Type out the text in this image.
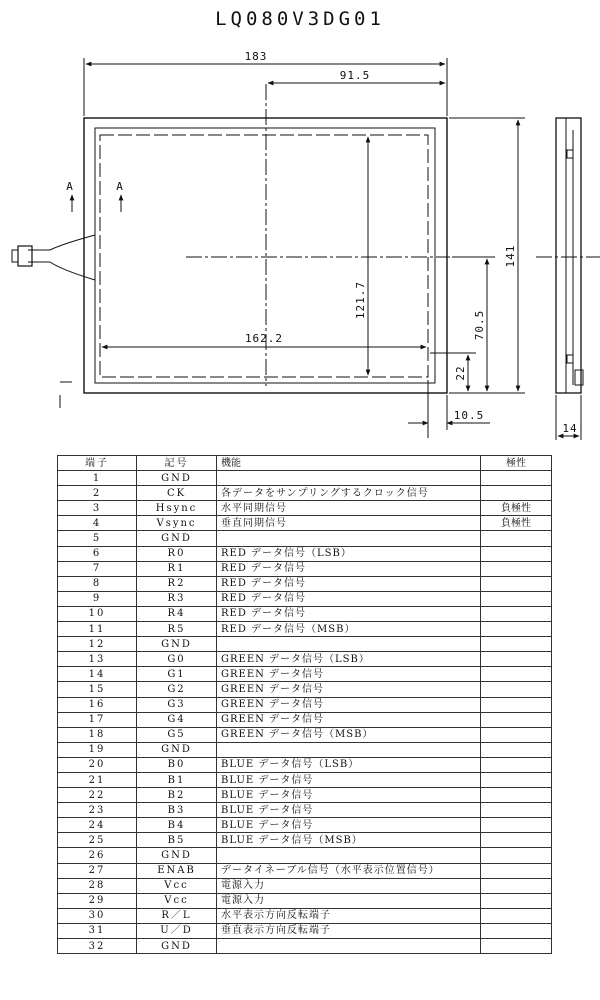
LQ080V3DG01
183
91.5
162.2
141
121.7
70.5
22
10.5
14
A	A
端子	記号	機能	極性
1	GND		
2	CK	各データをサンプリングするクロック信号	
3	Hsync	水平同期信号	負極性
4	Vsync	垂直同期信号	負極性
5	GND		
6	R0	RED データ信号（LSB）	
7	R1	RED データ信号	
8	R2	RED データ信号	
9	R3	RED データ信号	
10	R4	RED データ信号	
11	R5	RED データ信号（MSB）	
12	GND		
13	G0	GREEN データ信号（LSB）	
14	G1	GREEN データ信号	
15	G2	GREEN データ信号	
16	G3	GREEN データ信号	
17	G4	GREEN データ信号	
18	G5	GREEN データ信号（MSB）	
19	GND		
20	B0	BLUE データ信号（LSB）	
21	B1	BLUE データ信号	
22	B2	BLUE データ信号	
23	B3	BLUE データ信号	
24	B4	BLUE データ信号	
25	B5	BLUE データ信号（MSB）	
26	GND		
27	ENAB	データイネーブル信号（水平表示位置信号）	
28	Vcc	電源入力	
29	Vcc	電源入力	
30	R／L	水平表示方向反転端子	
31	U／D	垂直表示方向反転端子	
32	GND		
